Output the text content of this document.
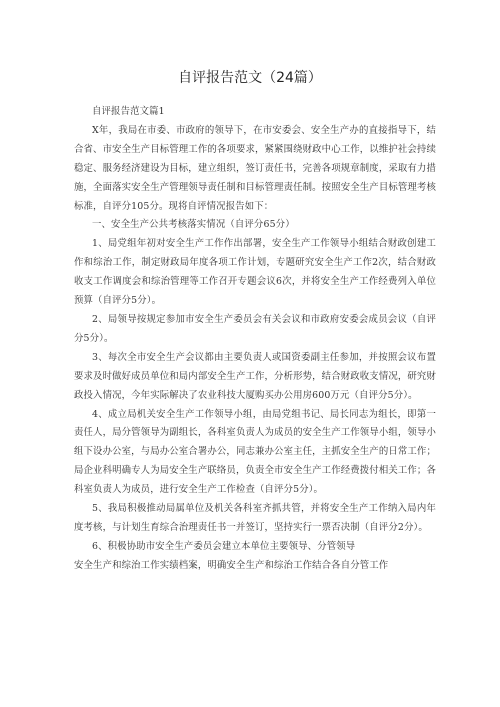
自评报告范文（24篇）

自评报告范文篇1

X年，我局在市委、市政府的领导下，在市安委会、安全生产办的直接指导下，结合省、市安全生产目标管理工作的各项要求，紧紧围绕财政中心工作，以维护社会持续稳定、服务经济建设为目标，建立组织，签订责任书，完善各项规章制度，采取有力措施，全面落实安全生产管理领导责任制和目标管理责任制。按照安全生产目标管理考核标准，自评分105分。现将自评情况报告如下：

一、安全生产公共考核落实情况（自评分65分）

1、局党组年初对安全生产工作作出部署，安全生产工作领导小组结合财政创建工作和综治工作，制定财政局年度各项工作计划，专题研究安全生产工作2次，结合财政收支工作调度会和综治管理等工作召开专题会议6次，并将安全生产工作经费列入单位预算（自评分5分）。

2、局领导按规定参加市安全生产委员会有关会议和市政府安委会成员会议（自评分5分）。

3、每次全市安全生产会议都由主要负责人或国资委副主任参加，并按照会议布置要求及时做好成员单位和局内部安全生产工作，分析形势，结合财政收支情况，研究财政投入情况，今年实际解决了农业科技大厦购买办公用房600万元（自评分5分）。

4、成立局机关安全生产工作领导小组，由局党组书记、局长同志为组长，即第一责任人，局分管领导为副组长，各科室负责人为成员的安全生产工作领导小组，领导小组下设办公室，与局办公室合署办公，同志兼办公室主任，主抓安全生产的日常工作；局企业科明确专人为局安全生产联络员，负责全市安全生产工作经费拨付相关工作；各科室负责人为成员，进行安全生产工作检查（自评分5分）。

5、我局积极推动局属单位及机关各科室齐抓共管，并将安全生产工作纳入局内年度考核，与计划生育综合治理责任书一并签订，坚持实行一票否决制（自评分2分）。

6、积极协助市安全生产委员会建立本单位主要领导、分管领导

安全生产和综治工作实绩档案，明确安全生产和综治工作结合各自分管工作
